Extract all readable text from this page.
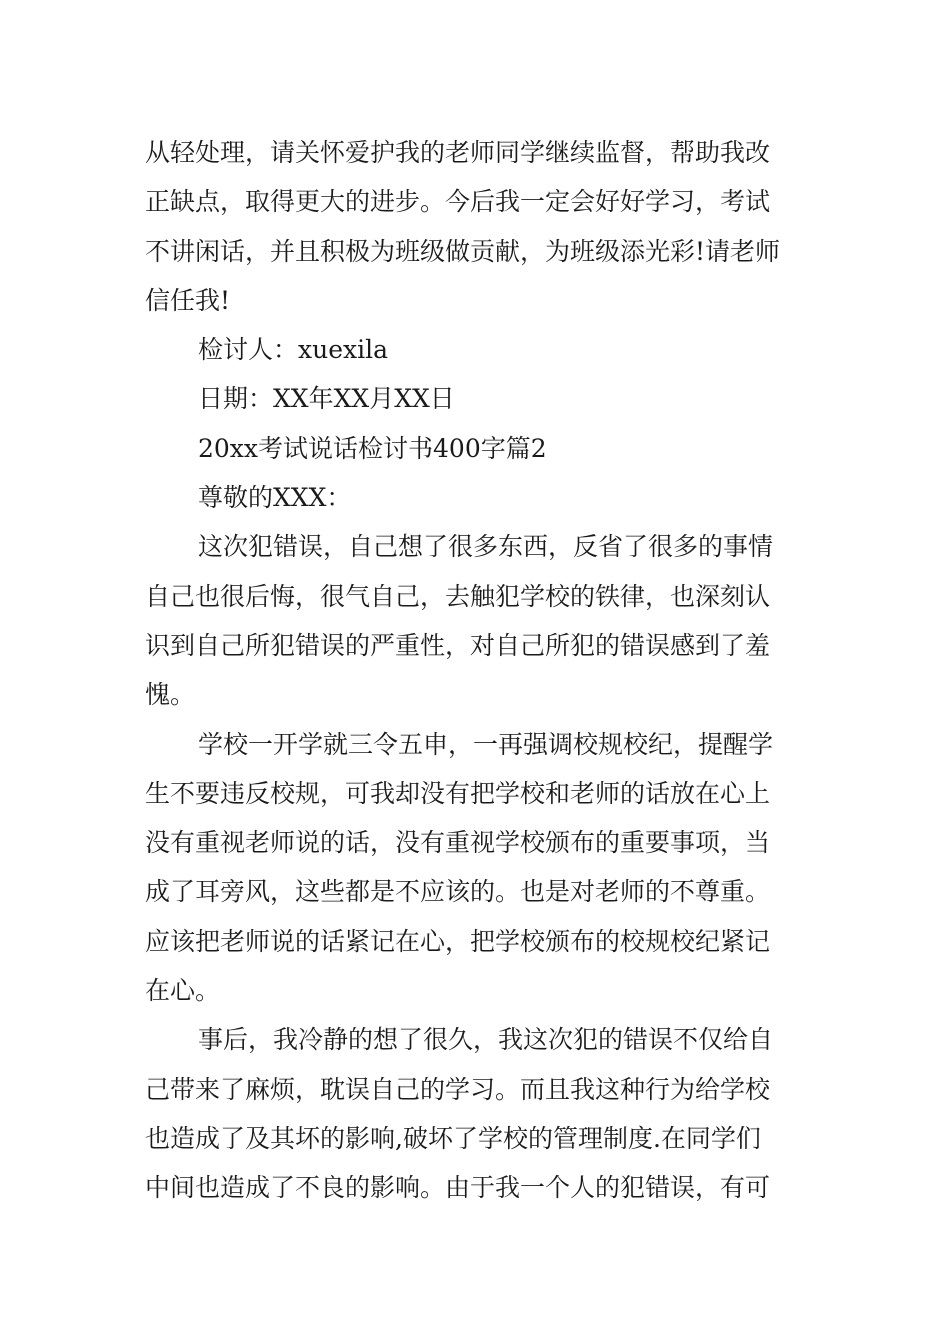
从轻处理，请关怀爱护我的老师同学继续监督，帮助我改
正缺点，取得更大的进步。今后我一定会好好学习，考试
不讲闲话，并且积极为班级做贡献，为班级添光彩!请老师
信任我!
检讨人：xuexila
日期：XX年XX月XX日
20xx考试说话检讨书400字篇2
尊敬的XXX：
这次犯错误，自己想了很多东西，反省了很多的事情
自己也很后悔，很气自己，去触犯学校的铁律，也深刻认
识到自己所犯错误的严重性，对自己所犯的错误感到了羞
愧。
学校一开学就三令五申，一再强调校规校纪，提醒学
生不要违反校规，可我却没有把学校和老师的话放在心上
没有重视老师说的话，没有重视学校颁布的重要事项，当
成了耳旁风，这些都是不应该的。也是对老师的不尊重。
应该把老师说的话紧记在心，把学校颁布的校规校纪紧记
在心。
事后，我冷静的想了很久，我这次犯的错误不仅给自
己带来了麻烦，耽误自己的学习。而且我这种行为给学校
也造成了及其坏的影响,破坏了学校的管理制度.在同学们
中间也造成了不良的影响。由于我一个人的犯错误，有可
